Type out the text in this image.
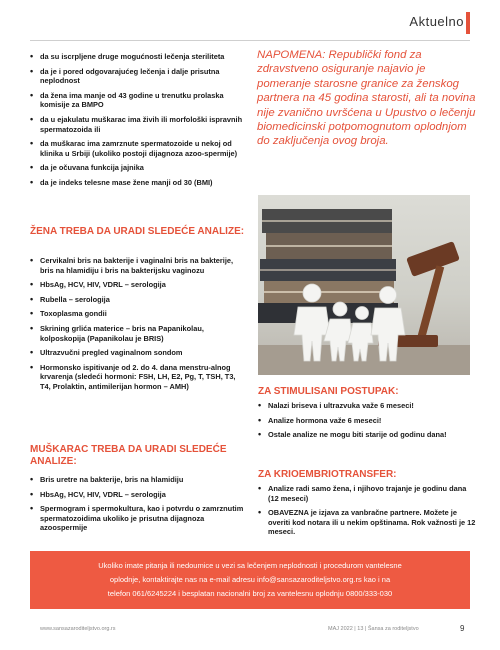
Aktuelno
• da su iscrpljene druge mogućnosti lečenja steriliteta
• da je i pored odgovarajućeg lečenja i dalje prisutna neplodnost
• da žena ima manje od 43 godine u trenutku prolaska komisije za BMPO
• da u ejakulatu muškarac ima živih ili morfološki ispravnih spermatozoida ili
• da muškarac ima zamrznute spermatozoide u nekoj od klinika u Srbiji (ukoliko postoji dijagnoza azoo-spermije)
• da je očuvana funkcija jajnika
• da je indeks telesne mase žene manji od 30 (BMI)
NAPOMENA: Republički fond za zdravstveno osiguranje najavio je pomeranje starosne granice za ženskog partnera na 45 godina starosti, ali ta novina nije zvanično uvršćena u Upustvo o lečenju biomedicinski potpomognutom oplodnjom do zaključenja ovog broja.
ŽENA TREBA DA URADI SLEDEĆE ANALIZE:
• Cervikalni bris na bakterije i vaginalni bris na bakterije, bris na hlamidiju i bris na bakterijsku vaginozu
• HbsAg, HCV, HIV, VDRL – serologija
• Rubella – serologija
• Toxoplasma gondii
• Skrining grlića materice – bris na Papanikolau, kolposkopija (Papanikolau je BRIS)
• Ultrazvučni pregled vaginalnom sondom
• Hormonsko ispitivanje od 2. do 4. dana menstru-alnog krvarenja (sledeći hormoni: FSH, LH, E2, Pg, T, TSH, T3, T4, Prolaktin, antimilerijan hormon – AMH)
MUŠKARAC TREBA DA URADI SLEDEĆE ANALIZE:
• Bris uretre na bakterije, bris na hlamidiju
• HbsAg, HCV, HIV, VDRL – serologija
• Spermogram i spermokultura, kao i potvrdu o zamrznutim spermatozoidima ukoliko je prisutna dijagnoza azoospermije
ZA STIMULISANI POSTUPAK:
• Nalazi briseva i ultrazvuka važe 6 meseci!
• Analize hormona važe 6 meseci!
• Ostale analize ne mogu biti starije od godinu dana!
ZA KRIOEMBRIOTRANSFER:
• Analize radi samo žena, i njihovo trajanje je godinu dana (12 meseci)
• OBAVEZNA je izjava za vanbračne partnere. Možete je overiti kod notara ili u nekim opštinama. Rok važnosti je 12 meseci.
Ukoliko imate pitanja ili nedoumice u vezi sa lečenjem neplodnosti i procedurom vantelesne
oplodnje, kontaktirajte nas na e-mail adresu info@sansazaroditeljstvo.org.rs kao i na
telefon 061/6245224 i besplatan nacionalni broj za vantelesnu oplodnju 0800/333-030
www.sansazaroditeljstvo.org.rs	MAJ 2022 | 13 | Šansa za roditeljstvo	9
